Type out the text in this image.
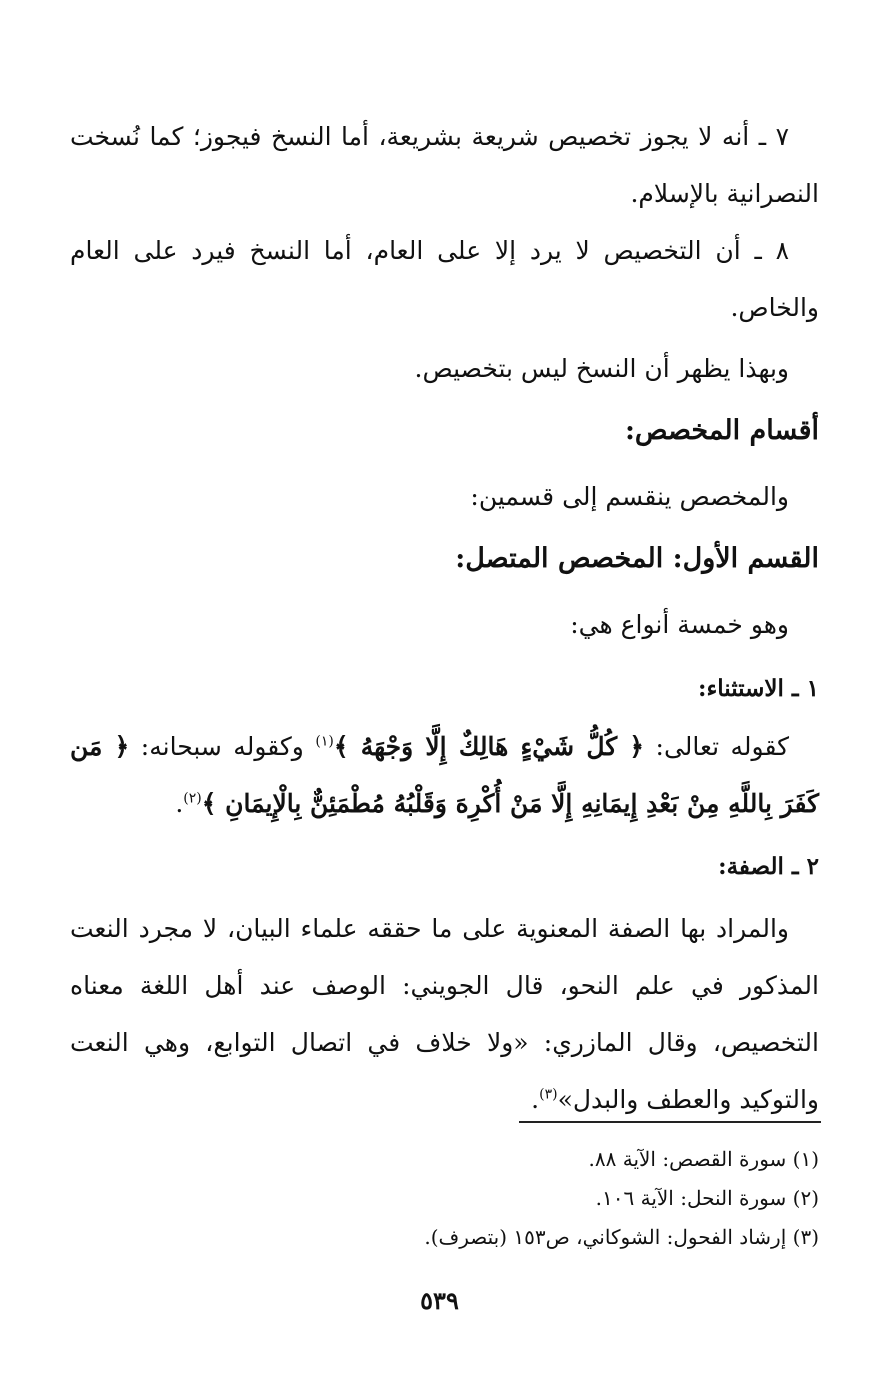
٧ ـ أنه لا يجوز تخصيص شريعة بشريعة، أما النسخ فيجوز؛ كما نُسخت النصرانية بالإسلام.

٨ ـ أن التخصيص لا يرد إلا على العام، أما النسخ فيرد على العام والخاص.

وبهذا يظهر أن النسخ ليس بتخصيص.

أقسام المخصص:

والمخصص ينقسم إلى قسمين:

القسم الأول: المخصص المتصل:

وهو خمسة أنواع هي:

١ ـ الاستثناء:

كقوله تعالى: ﴿ كُلُّ شَيْءٍ هَالِكٌ إِلَّا وَجْهَهُ ﴾$^{(١)}$ وكقوله سبحانه: ﴿ مَن كَفَرَ بِاللَّهِ مِنْ بَعْدِ إِيمَانِهِ إِلَّا مَنْ أُكْرِهَ وَقَلْبُهُ مُطْمَئِنٌّ بِالْإِيمَانِ ﴾$^{(٢)}$.

٢ ـ الصفة:

والمراد بها الصفة المعنوية على ما حققه علماء البيان، لا مجرد النعت المذكور في علم النحو، قال الجويني: الوصف عند أهل اللغة معناه التخصيص، وقال المازري: «ولا خلاف في اتصال التوابع، وهي النعت والتوكيد والعطف والبدل»$^{(٣)}$.

(١) سورة القصص: الآية ٨٨.

(٢) سورة النحل: الآية ١٠٦.

(٣) إرشاد الفحول: الشوكاني، ص١٥٣ (بتصرف).

٥٣٩
